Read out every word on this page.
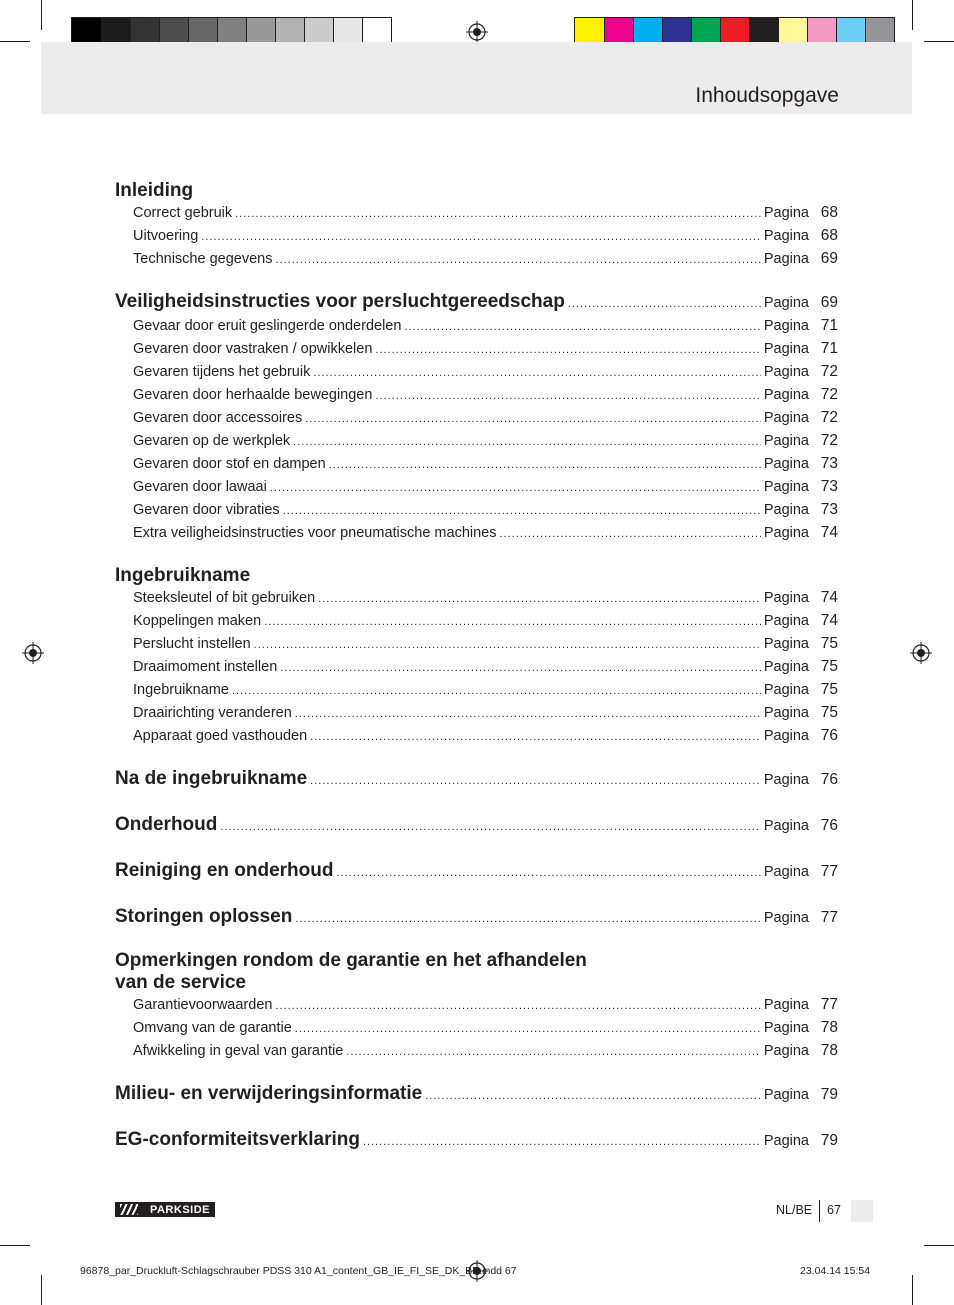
Inhoudsopgave
Inleiding
Correct gebruik .....	Pagina 68
Uitvoering .....	Pagina 68
Technische gegevens .....	Pagina 69
Veiligheidsinstructies voor persluchtgereedschap .....	Pagina 69
Gevaar door eruit geslingerde onderdelen .....	Pagina 71
Gevaren door vastraken / opwikkelen .....	Pagina 71
Gevaren tijdens het gebruik .....	Pagina 72
Gevaren door herhaalde bewegingen .....	Pagina 72
Gevaren door accessoires .....	Pagina 72
Gevaren op de werkplek .....	Pagina 72
Gevaren door stof en dampen .....	Pagina 73
Gevaren door lawaai .....	Pagina 73
Gevaren door vibraties .....	Pagina 73
Extra veiligheidsinstructies voor pneumatische machines .....	Pagina 74
Ingebruikname
Steeksleutel of bit gebruiken .....	Pagina 74
Koppelingen maken .....	Pagina 74
Perslucht instellen .....	Pagina 75
Draaimoment instellen .....	Pagina 75
Ingebruikname .....	Pagina 75
Draairichting veranderen .....	Pagina 75
Apparaat goed vasthouden .....	Pagina 76
Na de ingebruikname .....	Pagina 76
Onderhoud .....	Pagina 76
Reiniging en onderhoud .....	Pagina 77
Storingen oplossen .....	Pagina 77
Opmerkingen rondom de garantie en het afhandelen
van de service
Garantievoorwaarden .....	Pagina 77
Omvang van de garantie .....	Pagina 78
Afwikkeling in geval van garantie .....	Pagina 78
Milieu- en verwijderingsinformatie .....	Pagina 79
EG-conformiteitsverklaring .....	Pagina 79
PARKSIDE	NL/BE 67
96878_par_Druckluft-Schlagschrauber PDSS 310 A1_content_GB_IE_FI_SE_DK_BE.indd 67	23.04.14 15:54
